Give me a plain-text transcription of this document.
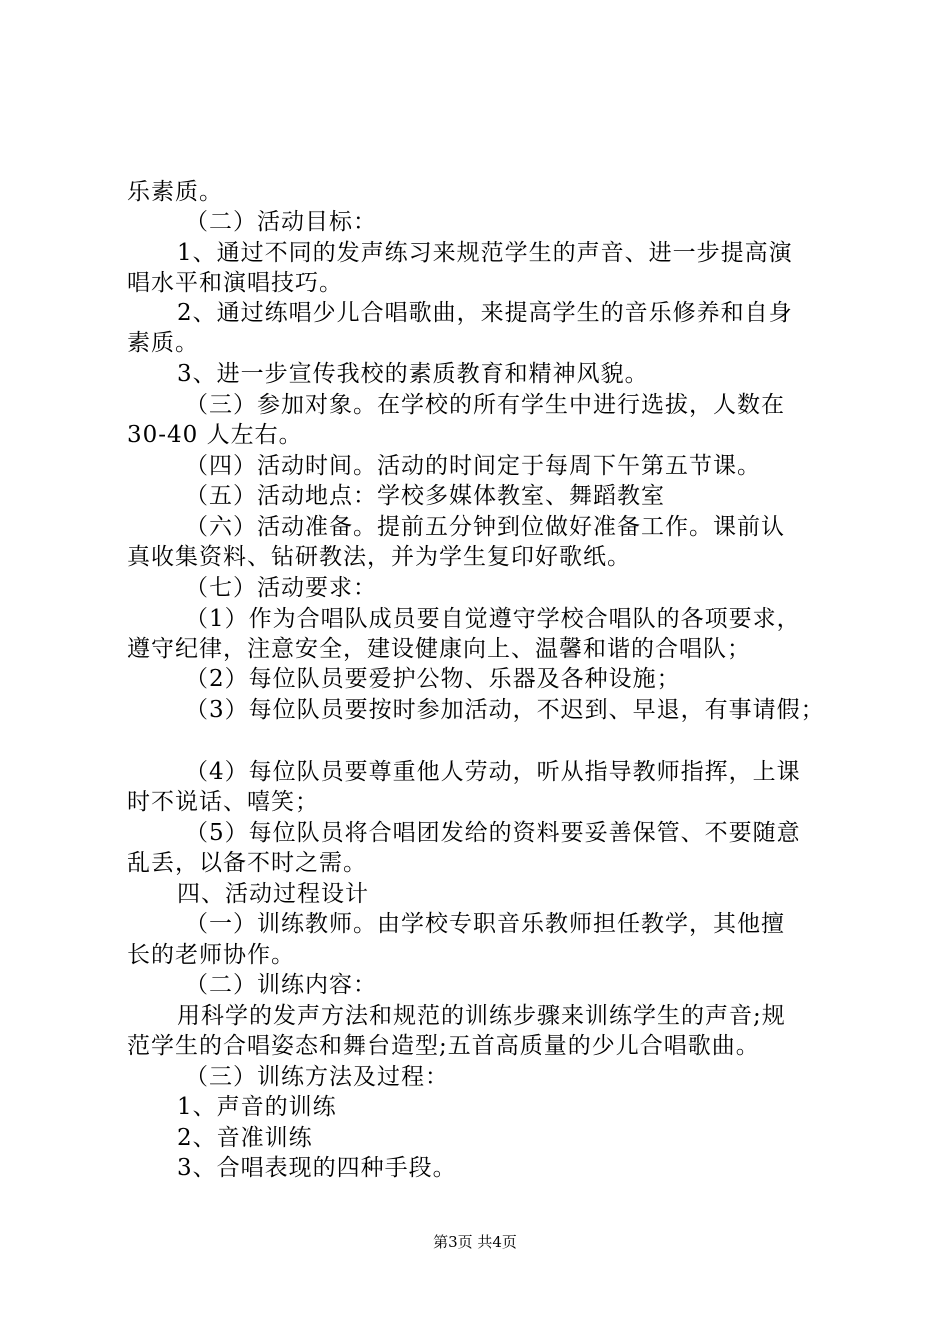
乐素质。
（二）活动目标：
1、通过不同的发声练习来规范学生的声音、进一步提高演
唱水平和演唱技巧。
2、通过练唱少儿合唱歌曲，来提高学生的音乐修养和自身
素质。
3、进一步宣传我校的素质教育和精神风貌。
（三）参加对象。在学校的所有学生中进行选拔，人数在
30-40 人左右。
（四）活动时间。活动的时间定于每周下午第五节课。
（五）活动地点：学校多媒体教室、舞蹈教室
（六）活动准备。提前五分钟到位做好准备工作。课前认
真收集资料、钻研教法，并为学生复印好歌纸。
（七）活动要求：
（1）作为合唱队成员要自觉遵守学校合唱队的各项要求，
遵守纪律，注意安全，建设健康向上、温馨和谐的合唱队；
（2）每位队员要爱护公物、乐器及各种设施；
（3）每位队员要按时参加活动，不迟到、早退，有事请假；
（4）每位队员要尊重他人劳动，听从指导教师指挥，上课
时不说话、嘻笑；
（5）每位队员将合唱团发给的资料要妥善保管、不要随意
乱丢，以备不时之需。
四、活动过程设计
（一）训练教师。由学校专职音乐教师担任教学，其他擅
长的老师协作。
（二）训练内容：
用科学的发声方法和规范的训练步骤来训练学生的声音;规
范学生的合唱姿态和舞台造型;五首高质量的少儿合唱歌曲。
（三）训练方法及过程：
1、声音的训练
2、音准训练
3、合唱表现的四种手段。
第3页 共4页
